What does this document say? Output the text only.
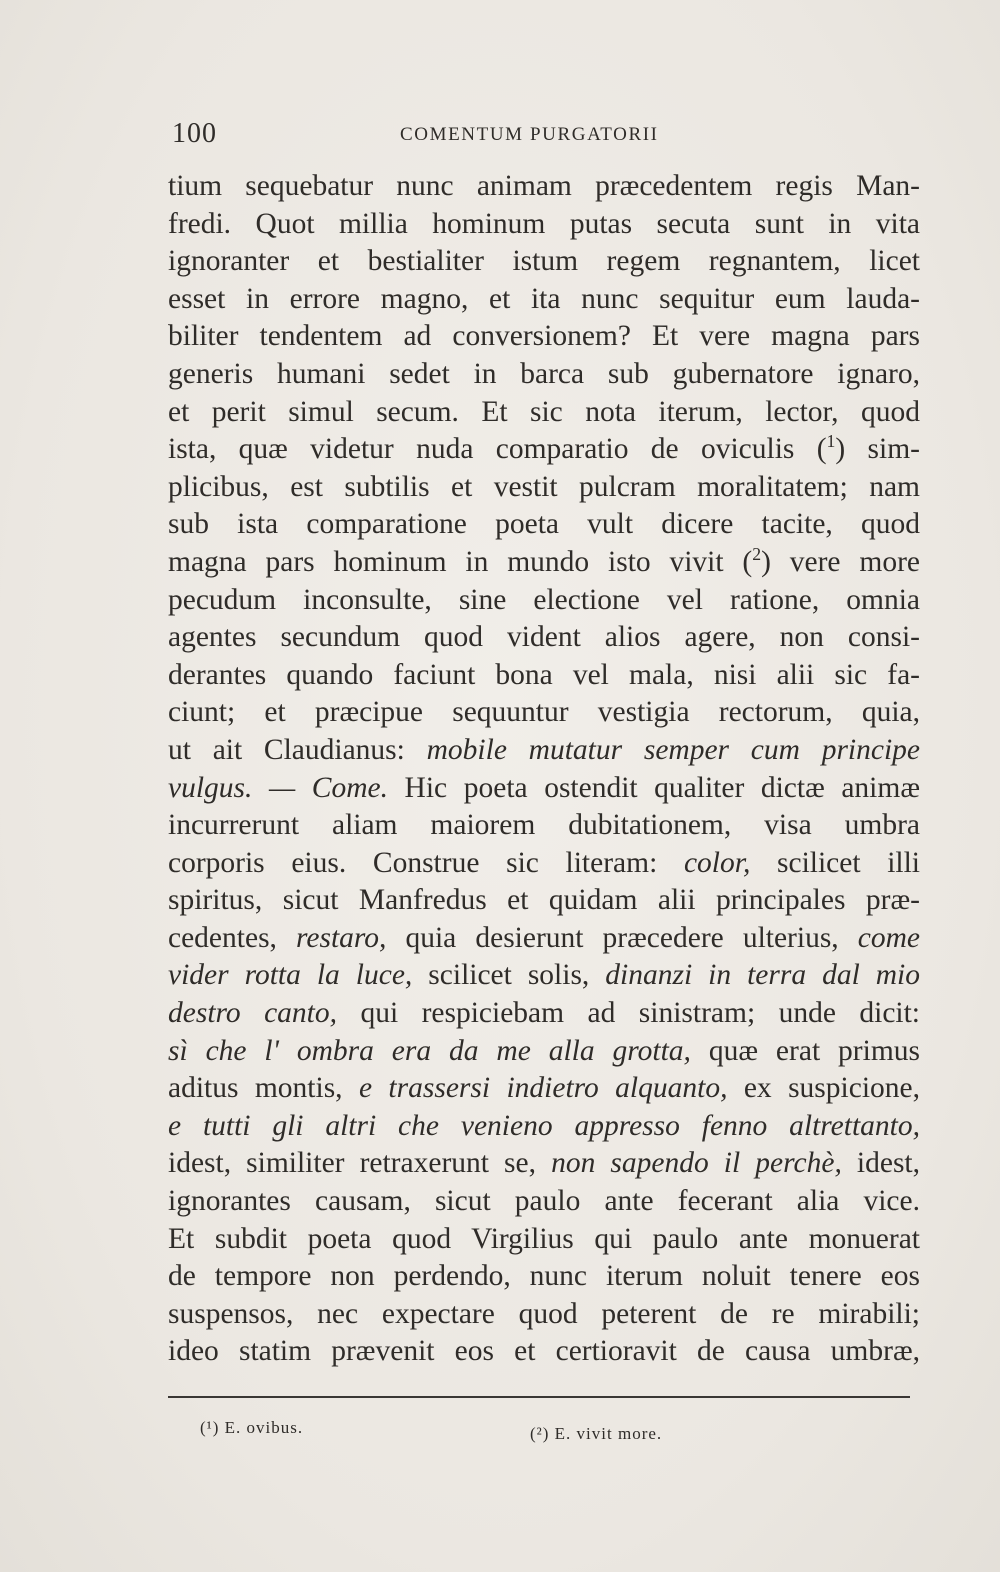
100	COMENTUM PURGATORII
tium sequebatur nunc animam præcedentem regis Man-
fredi. Quot millia hominum putas secuta sunt in vita
ignoranter et bestialiter istum regem regnantem, licet
esset in errore magno, et ita nunc sequitur eum lauda-
biliter tendentem ad conversionem? Et vere magna pars
generis humani sedet in barca sub gubernatore ignaro,
et perit simul secum. Et sic nota iterum, lector, quod
ista, quæ videtur nuda comparatio de oviculis ($^1$) sim-
plicibus, est subtilis et vestit pulcram moralitatem; nam
sub ista comparatione poeta vult dicere tacite, quod
magna pars hominum in mundo isto vivit ($^2$) vere more
pecudum inconsulte, sine electione vel ratione, omnia
agentes secundum quod vident alios agere, non consi-
derantes quando faciunt bona vel mala, nisi alii sic fa-
ciunt; et præcipue sequuntur vestigia rectorum, quia,
ut ait Claudianus: mobile mutatur semper cum principe
vulgus. — Come. Hic poeta ostendit qualiter dictæ animæ
incurrerunt aliam maiorem dubitationem, visa umbra
corporis eius. Construe sic literam: color, scilicet illi
spiritus, sicut Manfredus et quidam alii principales præ-
cedentes, restaro, quia desierunt præcedere ulterius, come
vider rotta la luce, scilicet solis, dinanzi in terra dal mio
destro canto, qui respiciebam ad sinistram; unde dicit:
sì che l' ombra era da me alla grotta, quæ erat primus
aditus montis, e trassersi indietro alquanto, ex suspicione,
e tutti gli altri che venieno appresso fenno altrettanto,
idest, similiter retraxerunt se, non sapendo il perchè, idest,
ignorantes causam, sicut paulo ante fecerant alia vice.
Et subdit poeta quod Virgilius qui paulo ante monuerat
de tempore non perdendo, nunc iterum noluit tenere eos
suspensos, nec expectare quod peterent de re mirabili;
ideo statim prævenit eos et certioravit de causa umbræ,
(¹) E. ovibus.	(²) E. vivit more.
